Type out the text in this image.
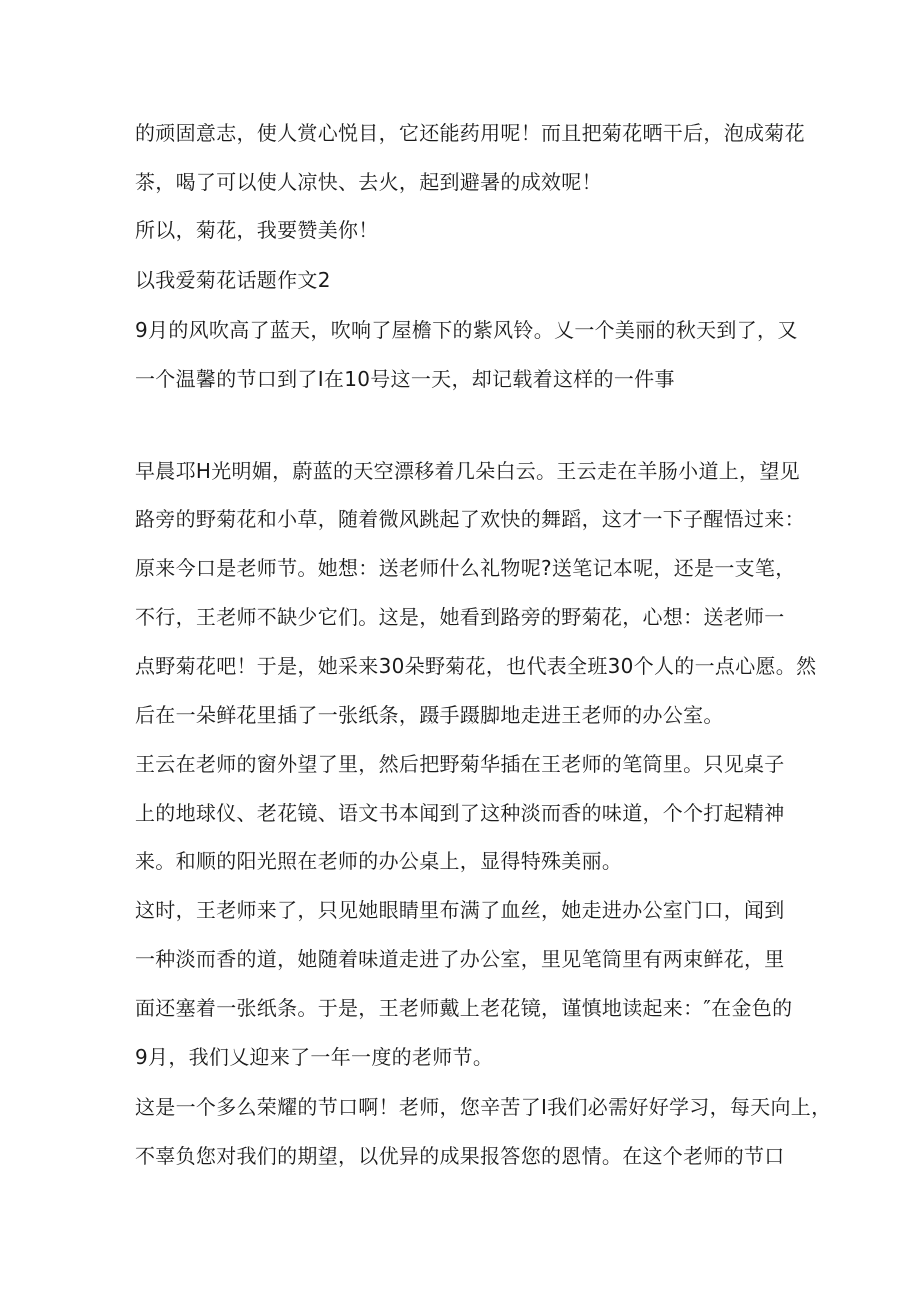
的顽固意志，使人赏心悦目，它还能药用呢！而且把菊花晒干后，泡成菊花

茶，喝了可以使人凉快、去火，起到避暑的成效呢！

所以，菊花，我要赞美你！

以我爱菊花话题作文2

9月的风吹高了蓝天，吹响了屋檐下的紫风铃。乂一个美丽的秋天到了，又

一个温馨的节口到了I在10号这一天，却记载着这样的一件事

早晨邛H光明媚，蔚蓝的天空漂移着几朵白云。王云走在羊肠小道上，望见

路旁的野菊花和小草，随着微风跳起了欢快的舞蹈，这才一下子醒悟过来：

原来今口是老师节。她想：送老师什么礼物呢?送笔记本呢，还是一支笔，

不行，王老师不缺少它们。这是，她看到路旁的野菊花，心想：送老师一

点野菊花吧！于是，她采来30朵野菊花，也代表全班30个人的一点心愿。然

后在一朵鲜花里插了一张纸条，蹑手蹑脚地走进王老师的办公室。

王云在老师的窗外望了里，然后把野菊华插在王老师的笔筒里。只见桌子

上的地球仪、老花镜、语文书本闻到了这种淡而香的味道，个个打起精神

来。和顺的阳光照在老师的办公桌上，显得特殊美丽。

这时，王老师来了，只见她眼睛里布满了血丝，她走进办公室门口，闻到

一种淡而香的道，她随着味道走进了办公室，里见笔筒里有两束鲜花，里

面还塞着一张纸条。于是，王老师戴上老花镜，谨慎地读起来：″在金色的

9月，我们乂迎来了一年一度的老师节。

这是一个多么荣耀的节口啊！老师，您辛苦了I我们必需好好学习，每天向上，

不辜负您对我们的期望，以优异的成果报答您的恩情。在这个老师的节口
